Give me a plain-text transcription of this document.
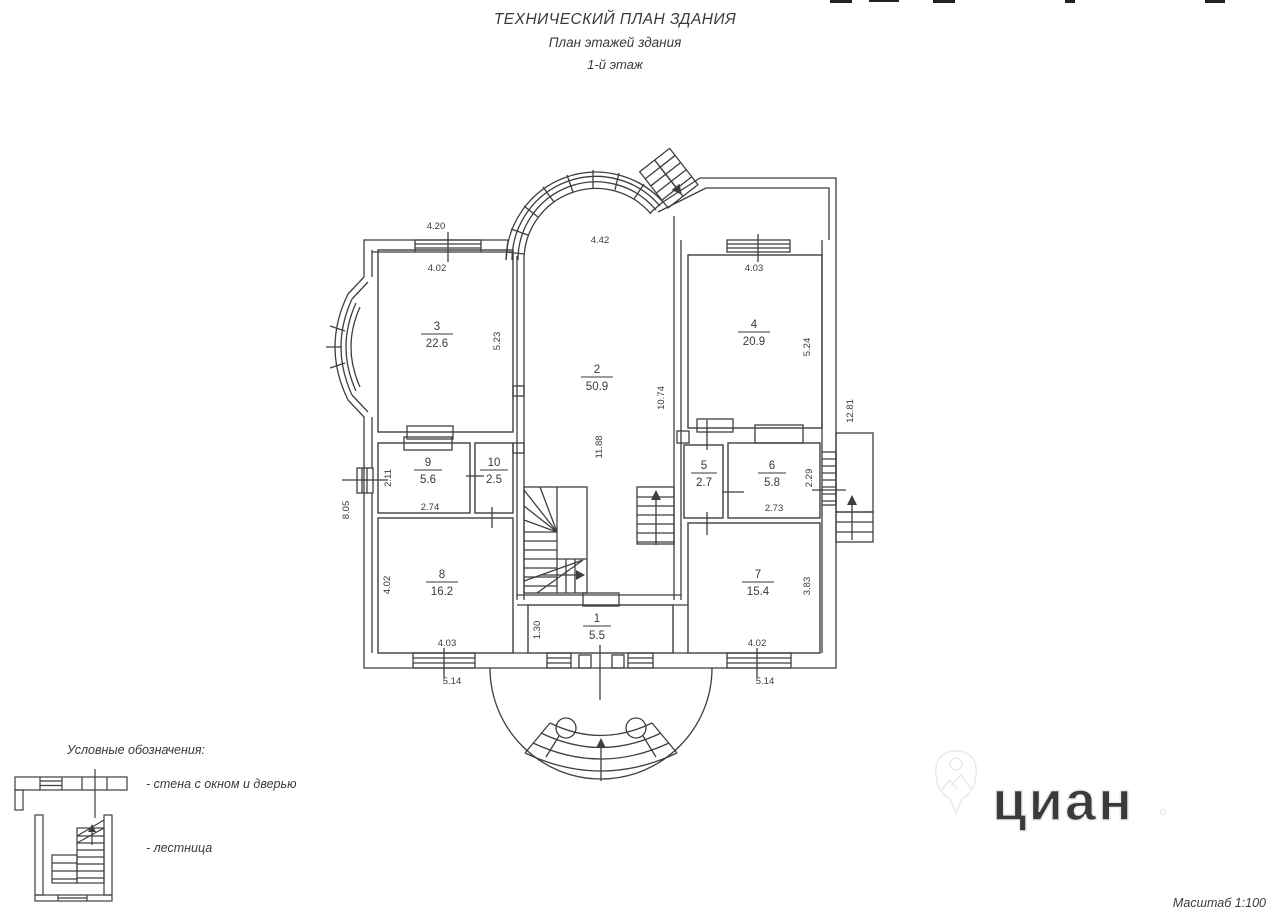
ТЕХНИЧЕСКИЙ ПЛАН ЗДАНИЯ
План этажей здания
1-й этаж
1
5.5
2
50.9
3
22.6
4
20.9
5
2.7
6
5.8
7
15.4
8
16.2
9
5.6
10
2.5
4.20
4.02
5.23
4.42
10.74
11.88
4.03
5.24
12.81
2.11
2.74
8.05
4.02
4.03
5.14
1.30
2.73
2.29
3.83
4.02
5.14
Условные обозначения:
- стена с окном и дверью
- лестница
циан
Масштаб 1:100
